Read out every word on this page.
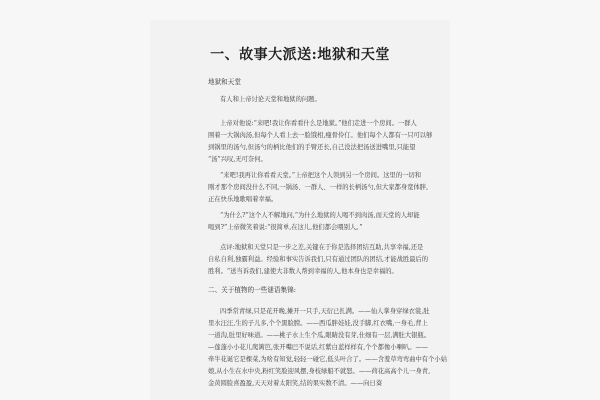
一、故事大派送:地狱和天堂
地狱和天堂
有人和上帝讨论天堂和地狱的问题。
上帝对他说:“来吧!我让你看看什么是地狱。”他们走进一个房间。一群人
围着一大锅肉汤,但每个人看上去一脸饿相,瘦骨伶仃。他们每个人都有一只可以够
到锅里的汤勺,但汤勺的柄比他们的手臂还长,自己没法把汤送进嘴里,只能望
“汤”兴叹,无可奈何。
“来吧!我再让你看看天堂。”上帝把这个人领到另一个房间。这里的一切和
刚才那个房间没什么不同,一锅汤、一群人、一样的长柄汤勺,但大家都身宽体胖,
正在快乐地歌唱着幸福。
“为什么?”这个人不解地问,“为什么地狱的人喝不到肉汤,而天堂的人却能
喝到?”上帝微笑着说:“很简单,在这儿,他们都会喂别人。”
点评:地狱和天堂只是一步之差,关键在于你是选择团结互助,共享幸福,还是
自私自利,独霸利益。经验和事实告诉我们,只有通过团队的团结,才能战胜最后的
胜利。“送当诉我们,建使大非数人帮到幸福的人,他本身也是幸福的。
二、关于植物的一些谜语集锦:
四季常青绿,只是花开晚,摊开一只手,天衍已扎满。——仙人掌身穿绿衣裳,肚
里水汪汪,生的子儿多,个个黑脸膛。——西瓜胖娃娃,没手脚,红衣嘴,一身毛,背上
一道沟,肚里好味道。——桃子水上生个瓜,眼睛没有芽,仕细有一层,满肚大银瓶。
—莲蓬小小花儿爬篱笆,张开嘴巴不说话,红紫白蓝样样有,个个都像小喇叭。——
牵牛花诞它是棵菜,为啥有知觉,轻轻一碰它,低头叶合了。——含羞草弯弯曲中有个小姑
娘,从小生在水中央,粉红笑脸迎风摆,身枝绿船不就怒。——荷花高高个儿一身青,
金黄圆脸喜盈盈,天天对着太阳笑,结的果实数不清。——向日葵
